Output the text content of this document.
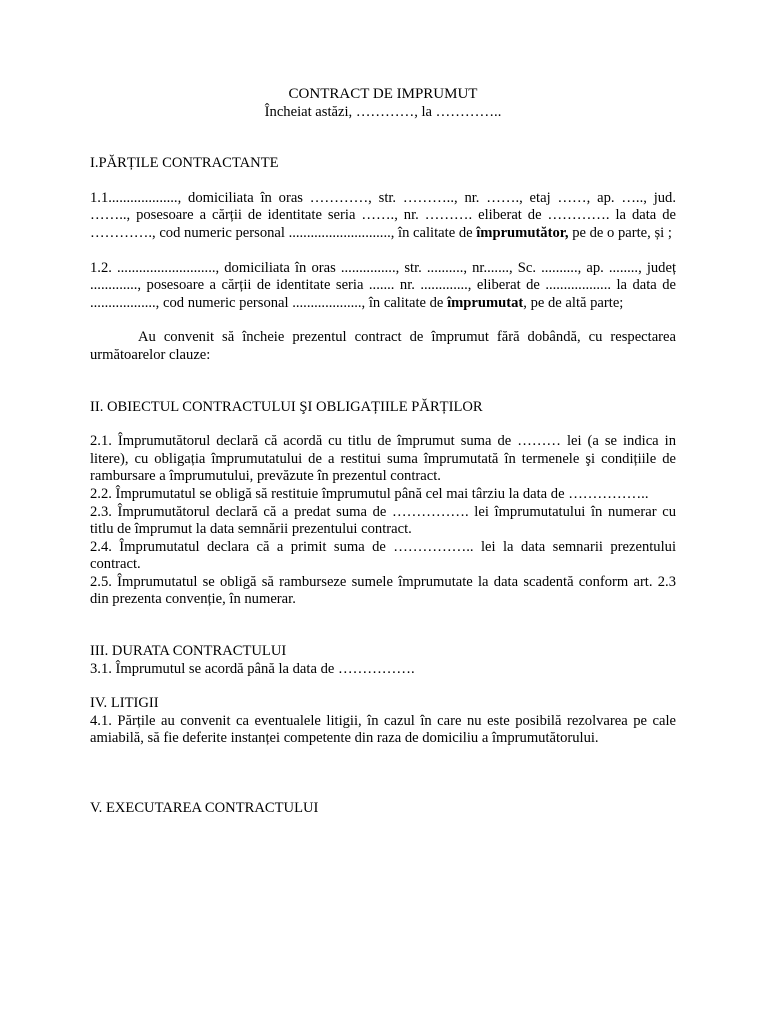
CONTRACT DE IMPRUMUT

Încheiat astăzi, …………, la …………..

I.PĂRȚILE CONTRACTANTE

1.1..................., domiciliata în oras …………, str. ……….., nr. ……., etaj ……, ap. ….., jud. …….., posesoare a cărții de identitate seria ……., nr. ………. eliberat de …………. la data de …………., cod numeric personal ............................, în calitate de împrumutător, pe de o parte, și ;

1.2. ..........................., domiciliata în oras ..............., str. .........., nr......., Sc. .........., ap. ........, județ ............., posesoare a cărții de identitate seria ....... nr. ............., eliberat de .................. la data de .................., cod numeric personal ..................., în calitate de împrumutat, pe de altă parte;

Au convenit să încheie prezentul contract de împrumut fără dobândă, cu respectarea următoarelor clauze:

II. OBIECTUL CONTRACTULUI ŞI OBLIGAȚIILE PĂRȚILOR

2.1. Împrumutătorul declară că acordă cu titlu de împrumut suma de ……… lei (a se indica in litere), cu obligația împrumutatului de a restitui suma împrumutată în termenele şi condițiile de rambursare a împrumutului, prevăzute în prezentul contract.

2.2. Împrumutatul se obligă să restituie împrumutul până cel mai târziu la data de ……………..

2.3. Împrumutătorul declară că a predat suma de ……………. lei împrumutatului în numerar cu titlu de împrumut la data semnării prezentului contract.

2.4. Împrumutatul declara că a primit suma de …………….. lei la data semnarii prezentului contract.

2.5. Împrumutatul se obligă să ramburseze sumele împrumutate la data scadentă conform art. 2.3 din prezenta convenție, în numerar.

III. DURATA CONTRACTULUI

3.1. Împrumutul se acordă până la data de …………….

IV. LITIGII

4.1. Părțile au convenit ca eventualele litigii, în cazul în care nu este posibilă rezolvarea pe cale amiabilă, să fie deferite instanței competente din raza de domiciliu a împrumutătorului.

V. EXECUTAREA CONTRACTULUI
